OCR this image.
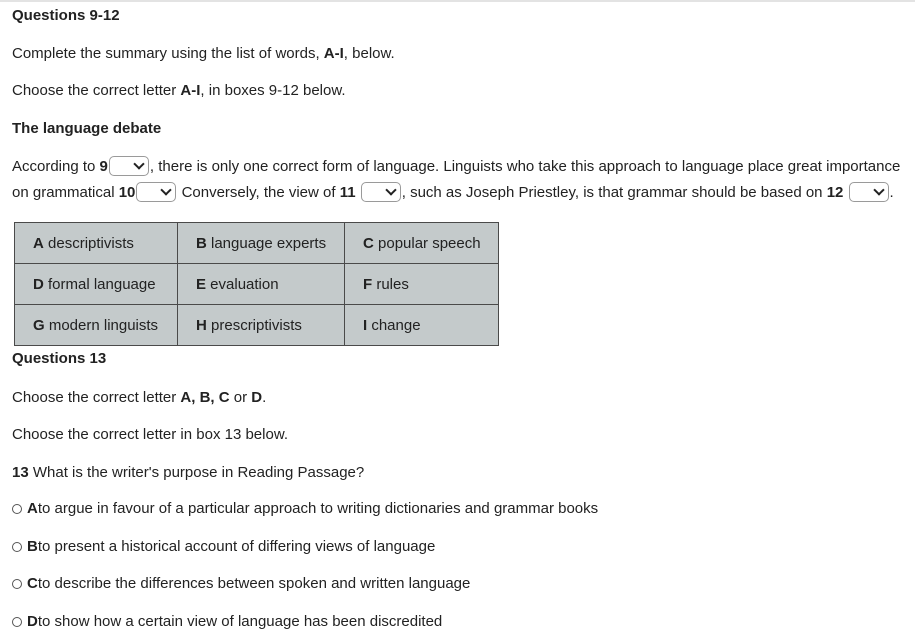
Questions 9-12
Complete the summary using the list of words, A-I, below.
Choose the correct letter A-I, in boxes 9-12 below.
The language debate
According to 9	, there is only one correct form of language. Linguists who take this approach to language place great importance on grammatical 10	Conversely, the view of 11	, such as Joseph Priestley, is that grammar should be based on 12	.
A descriptivists	B language experts	C popular speech
D formal language	E evaluation	F rules
G modern linguists	H prescriptivists	I change
Questions 13
Choose the correct letter A, B, C or D.
Choose the correct letter in box 13 below.
13 What is the writer's purpose in Reading Passage?
A to argue in favour of a particular approach to writing dictionaries and grammar books
B to present a historical account of differing views of language
C to describe the differences between spoken and written language
D to show how a certain view of language has been discredited
